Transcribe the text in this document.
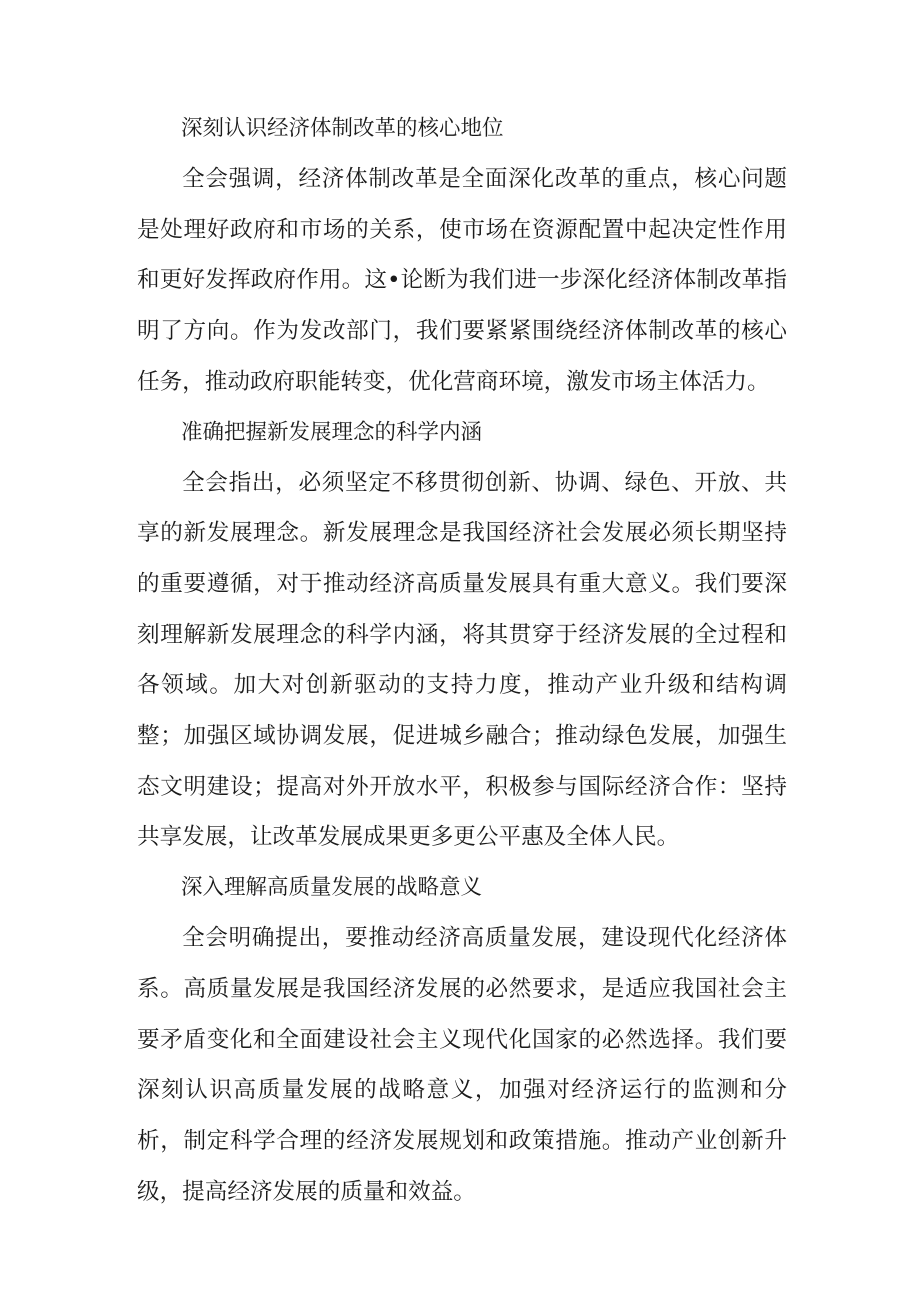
深刻认识经济体制改革的核心地位

全会强调，经济体制改革是全面深化改革的重点，核心问题是处理好政府和市场的关系，使市场在资源配置中起决定性作用和更好发挥政府作用。这•论断为我们进一步深化经济体制改革指明了方向。作为发改部门，我们要紧紧围绕经济体制改革的核心任务，推动政府职能转变，优化营商环境，激发市场主体活力。

准确把握新发展理念的科学内涵

全会指出，必须坚定不移贯彻创新、协调、绿色、开放、共享的新发展理念。新发展理念是我国经济社会发展必须长期坚持的重要遵循，对于推动经济高质量发展具有重大意义。我们要深刻理解新发展理念的科学内涵，将其贯穿于经济发展的全过程和各领域。加大对创新驱动的支持力度，推动产业升级和结构调整；加强区域协调发展，促进城乡融合；推动绿色发展，加强生态文明建设；提高对外开放水平，积极参与国际经济合作：坚持共享发展，让改革发展成果更多更公平惠及全体人民。

深入理解高质量发展的战略意义

全会明确提出，要推动经济高质量发展，建设现代化经济体系。高质量发展是我国经济发展的必然要求，是适应我国社会主要矛盾变化和全面建设社会主义现代化国家的必然选择。我们要深刻认识高质量发展的战略意义，加强对经济运行的监测和分析，制定科学合理的经济发展规划和政策措施。推动产业创新升级，提高经济发展的质量和效益。
